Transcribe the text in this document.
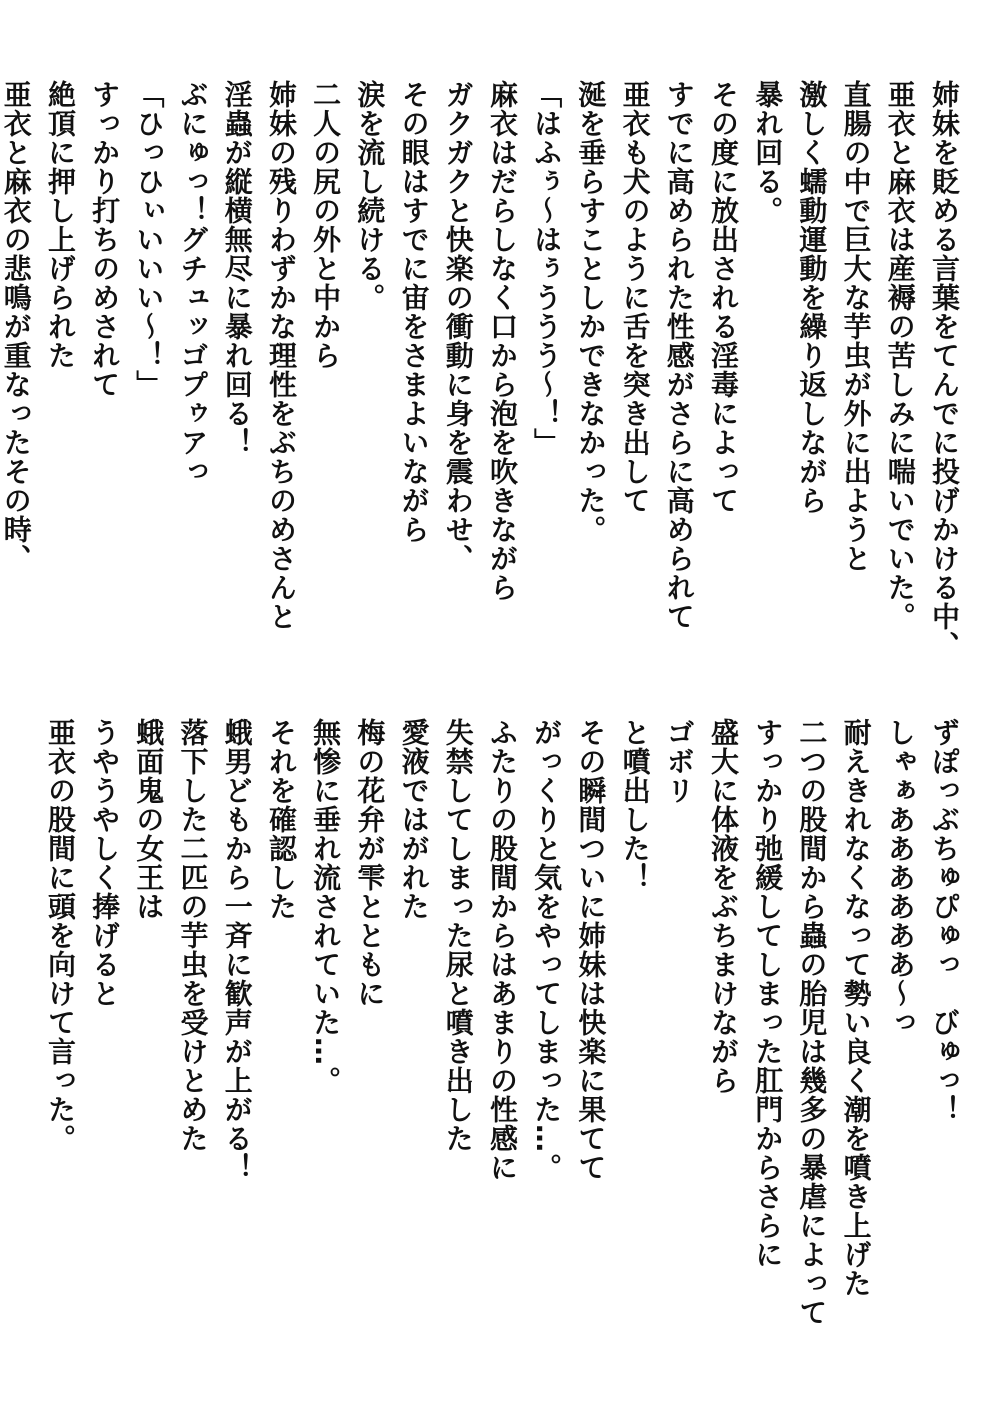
姉妹を貶める言葉をてんでに投げかける中、
亜衣と麻衣は産褥の苦しみに喘いでいた。
直腸の中で巨大な芋虫が外に出ようと
激しく蠕動運動を繰り返しながら
暴れ回る。
その度に放出される淫毒によって
すでに高められた性感がさらに高められて
亜衣も犬のように舌を突き出して
涎を垂らすことしかできなかった。
「はふぅ～はぅううう～！」
麻衣はだらしなく口から泡を吹きながら
ガクガクと快楽の衝動に身を震わせ、
その眼はすでに宙をさまよいながら
涙を流し続ける。
二人の尻の外と中から
姉妹の残りわずかな理性をぶちのめさんと
淫蟲が縦横無尽に暴れ回る！
ぶにゅっ！グチュッゴプゥアっ
「ひっひぃいいい～！」
すっかり打ちのめされて
絶頂に押し上げられた
亜衣と麻衣の悲鳴が重なったその時、
ずぽっぶちゅぴゅっ　びゅっ！
しゃぁああああああ～っ
耐えきれなくなって勢い良く潮を噴き上げた
二つの股間から蟲の胎児は幾多の暴虐によって
すっかり弛緩してしまった肛門からさらに
盛大に体液をぶちまけながら
ゴボリ
と噴出した！
その瞬間ついに姉妹は快楽に果てて
がっくりと気をやってしまった…。
ふたりの股間からはあまりの性感に
失禁してしまった尿と噴き出した
愛液ではがれた
梅の花弁が雫とともに
無惨に垂れ流されていた…。
それを確認した
蛾男どもから一斉に歓声が上がる！
落下した二匹の芋虫を受けとめた
蛾面鬼の女王は
うやうやしく捧げると
亜衣の股間に頭を向けて言った。
